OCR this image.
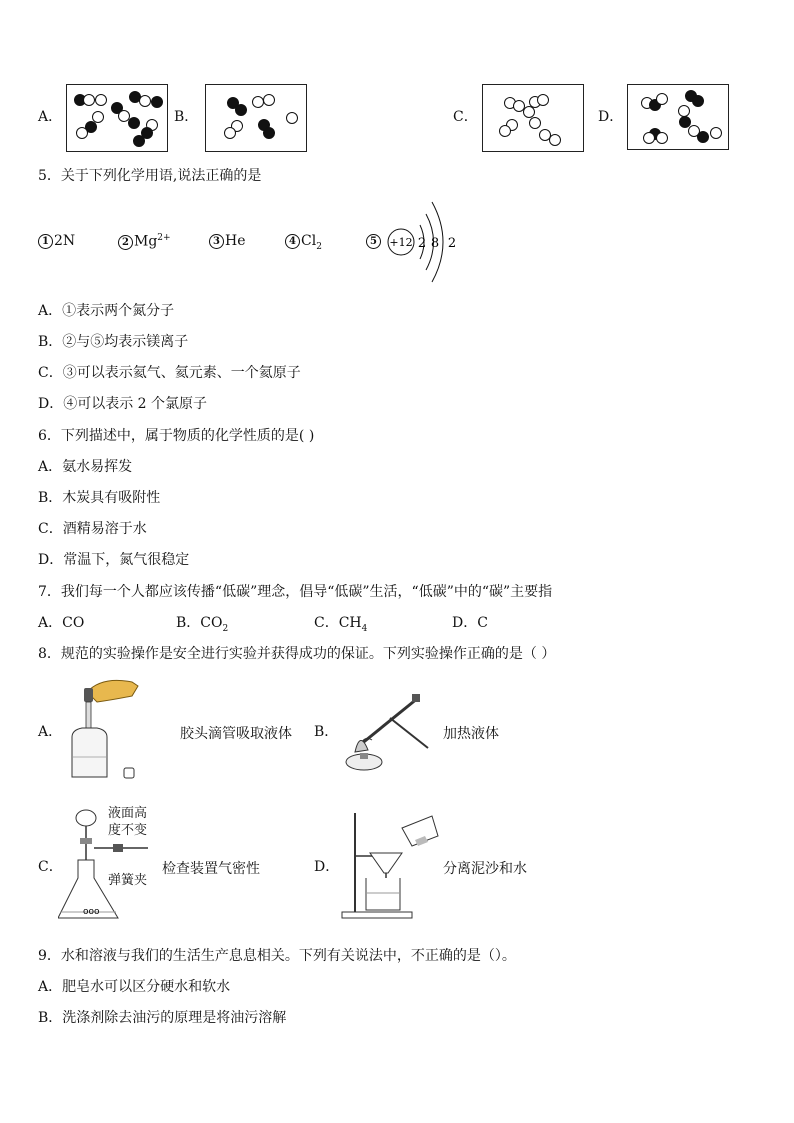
A．	B．	C．	D．
5．关于下列化学用语,说法正确的是
1 2N	2 $Mg^{2+}$	3 He	4 $Cl_2$	5	+12 2 8 2
A．①表示两个氮分子
B．②与⑤均表示镁离子
C．③可以表示氦气、氦元素、一个氦原子
D．④可以表示 2 个氯原子
6．下列描述中，属于物质的化学性质的是( )
A．氨水易挥发
B．木炭具有吸附性
C．酒精易溶于水
D．常温下，氮气很稳定
7．我们每一个人都应该传播“低碳”理念，倡导“低碳”生活，“低碳”中的“碳”主要指
A．CO	B．$CO_2$	C．$CH_4$	D．C
8．规范的实验操作是安全进行实验并获得成功的保证。下列实验操作正确的是（ ）
A．	胶头滴管吸取液体 B．	加热液体
C．
ooo
液面高
度不变
弹簧夹
检查装置气密性	D．	分离泥沙和水
9．水和溶液与我们的生活生产息息相关。下列有关说法中，不正确的是（）。
A．肥皂水可以区分硬水和软水
B．洗涤剂除去油污的原理是将油污溶解
